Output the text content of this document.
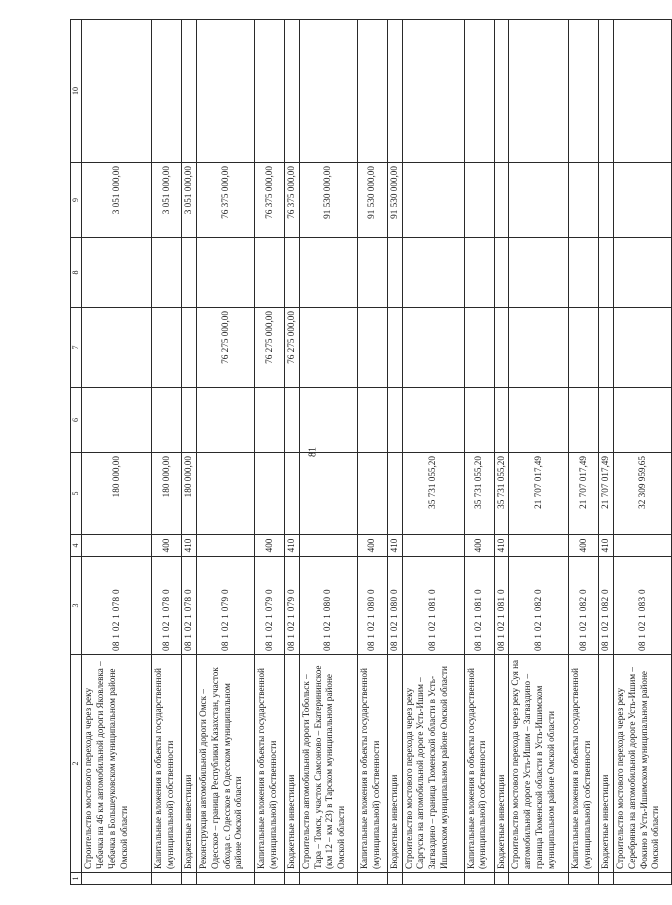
81
1	2	3	4	5	6	7	8	9	10
	Строительство мостового перехода через реку Чебачка на 46 км автомобильной дороги Яковлевка – Чебачка в Большеуковском муниципальном районе Омской области	08 1 02 1 078 0		180 000,00				3 051 000,00	
	Капитальные вложения в объекты государственной (муниципальной) собственности	08 1 02 1 078 0	400	180 000,00				3 051 000,00	
	Бюджетные инвестиции	08 1 02 1 078 0	410	180 000,00				3 051 000,00	
	Реконструкция автомобильной дороги Омск – Одесское – граница Республики Казахстан, участок обхода с. Одесское в Одесском муниципальном районе Омской области	08 1 02 1 079 0				76 275 000,00		76 375 000,00	
	Капитальные вложения в объекты государственной (муниципальной) собственности	08 1 02 1 079 0	400			76 275 000,00		76 375 000,00	
	Бюджетные инвестиции	08 1 02 1 079 0	410			76 275 000,00		76 375 000,00	
	Строительство автомобильной дороги Тобольск – Тара – Томск, участок Самсоново – Екатерининское (км 12 – км 23) в Тарском муниципальном районе Омской области	08 1 02 1 080 0						91 530 000,00	
	Капитальные вложения в объекты государственной (муниципальной) собственности	08 1 02 1 080 0	400					91 530 000,00	
	Бюджетные инвестиции	08 1 02 1 080 0	410					91 530 000,00	
	Строительство мостового перехода через реку Саргуска на автомобильной дороге Усть-Ишим – Загваздино – граница Тюменской области в Усть-Ишимском муниципальном районе Омской области	08 1 02 1 081 0		35 731 055,20					
	Капитальные вложения в объекты государственной (муниципальной) собственности	08 1 02 1 081 0	400	35 731 055,20					
	Бюджетные инвестиции	08 1 02 1 081 0	410	35 731 055,20					
	Строительство мостового перехода через реку Суя на автомобильной дороге Усть-Ишим – Загваздино – граница Тюменской области в Усть-Ишимском муниципальном районе Омской области	08 1 02 1 082 0		21 707 017,49					
	Капитальные вложения в объекты государственной (муниципальной) собственности	08 1 02 1 082 0	400	21 707 017,49					
	Бюджетные инвестиции	08 1 02 1 082 0	410	21 707 017,49					
	Строительство мостового перехода через реку Серебрянка на автомобильной дороге Усть-Ишим – Фокино в Усть-Ишимском муниципальном районе Омской области	08 1 02 1 083 0		32 309 959,65					
